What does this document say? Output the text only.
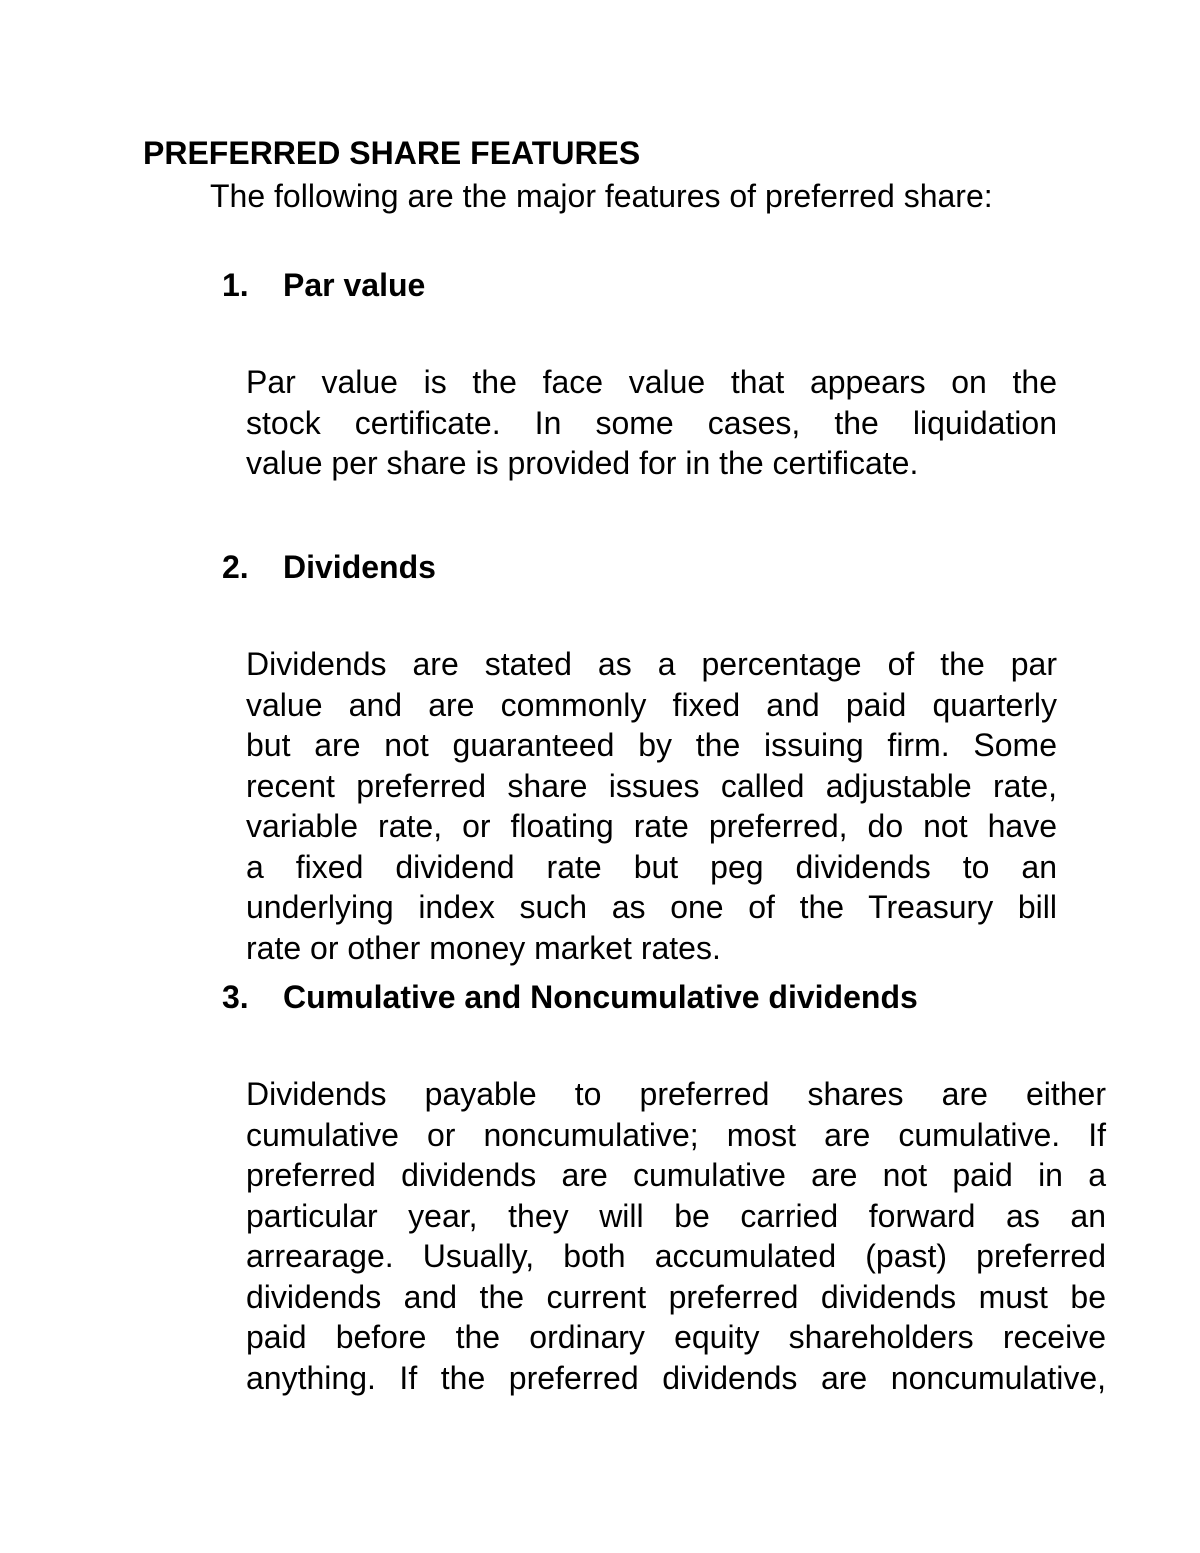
PREFERRED SHARE FEATURES

The following are the major features of preferred share:

1. Par value
Par value is the face value that appears on the
stock certificate. In some cases, the liquidation
value per share is provided for in the certificate.
2. Dividends
Dividends are stated as a percentage of the par
value and are commonly fixed and paid quarterly
but are not guaranteed by the issuing firm. Some
recent preferred share issues called adjustable rate,
variable rate, or floating rate preferred, do not have
a fixed dividend rate but peg dividends to an
underlying index such as one of the Treasury bill
rate or other money market rates.
3. Cumulative and Noncumulative dividends
Dividends payable to preferred shares are either
cumulative or noncumulative; most are cumulative. If
preferred dividends are cumulative are not paid in a
particular year, they will be carried forward as an
arrearage. Usually, both accumulated (past) preferred
dividends and the current preferred dividends must be
paid before the ordinary equity shareholders receive
anything. If the preferred dividends are noncumulative,
